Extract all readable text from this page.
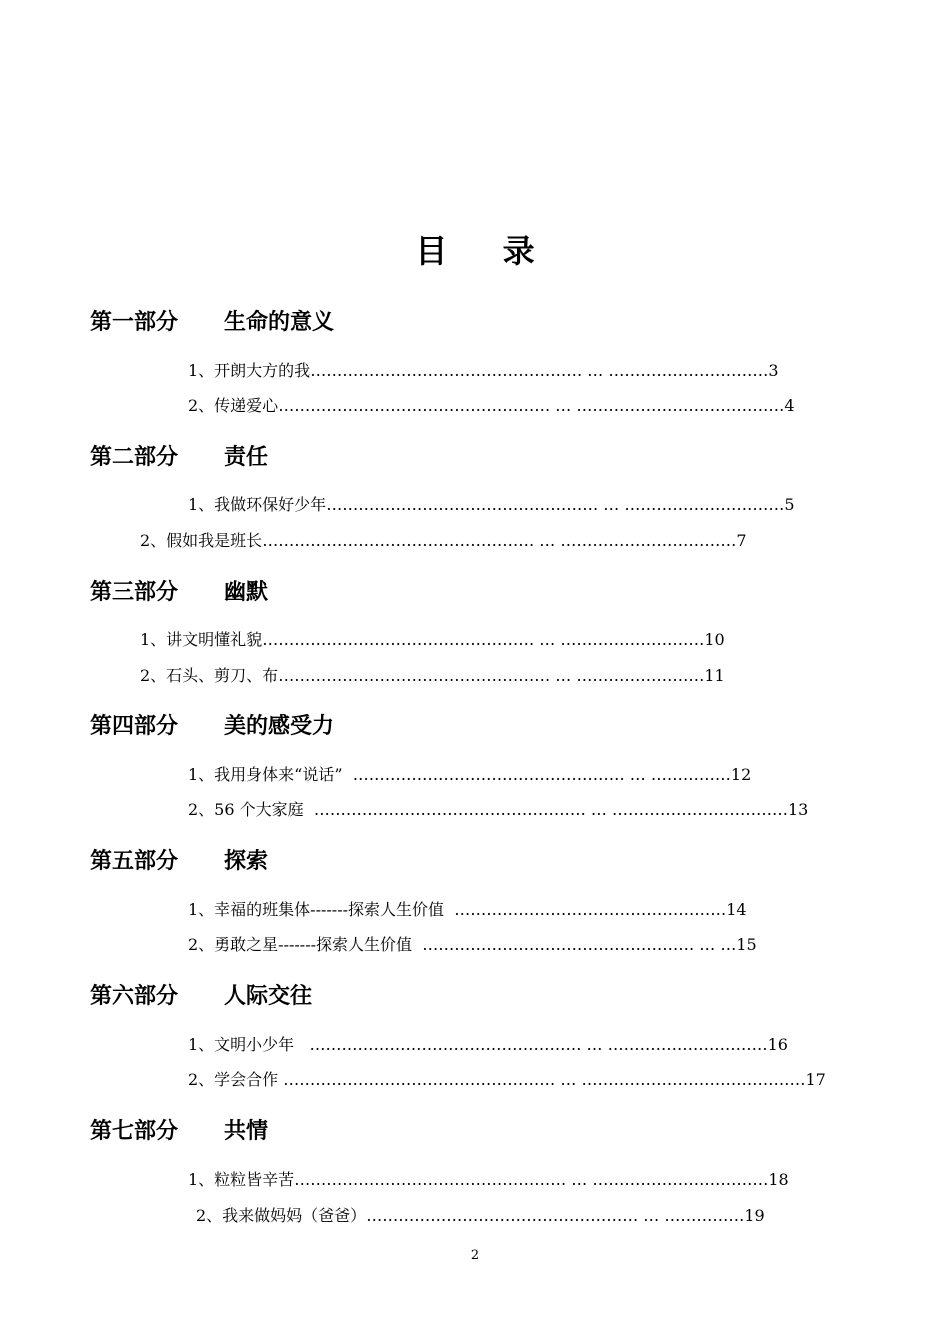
目 录
第一部分 生命的意义
1、开朗大方的我…………………………………………… … …………………………3
2、传递爱心…………………………………………… … …………………………………4
第二部分 责任
1、我做环保好少年…………………………………………… … …………………………5
2、假如我是班长…………………………………………… … ……………………………7
第三部分 幽默
1、讲文明懂礼貌…………………………………………… … ………………………10
2、石头、剪刀、布…………………………………………… … ……………………11
第四部分 美的感受力
1、我用身体来“说话”  …………………………………………… … ……………12
2、56 个大家庭  …………………………………………… … ……………………………13
第五部分 探索
1、幸福的班集体-------探索人生价值  ……………………………………………14
2、勇敢之星-------探索人生价值  …………………………………………… … …15
第六部分 人际交往
1、文明小少年   …………………………………………… … …………………………16
2、学会合作 …………………………………………… … ……………………………………17
第七部分 共情
1、粒粒皆辛苦…………………………………………… … ……………………………18
2、我来做妈妈（爸爸）…………………………………………… … ……………19
2
